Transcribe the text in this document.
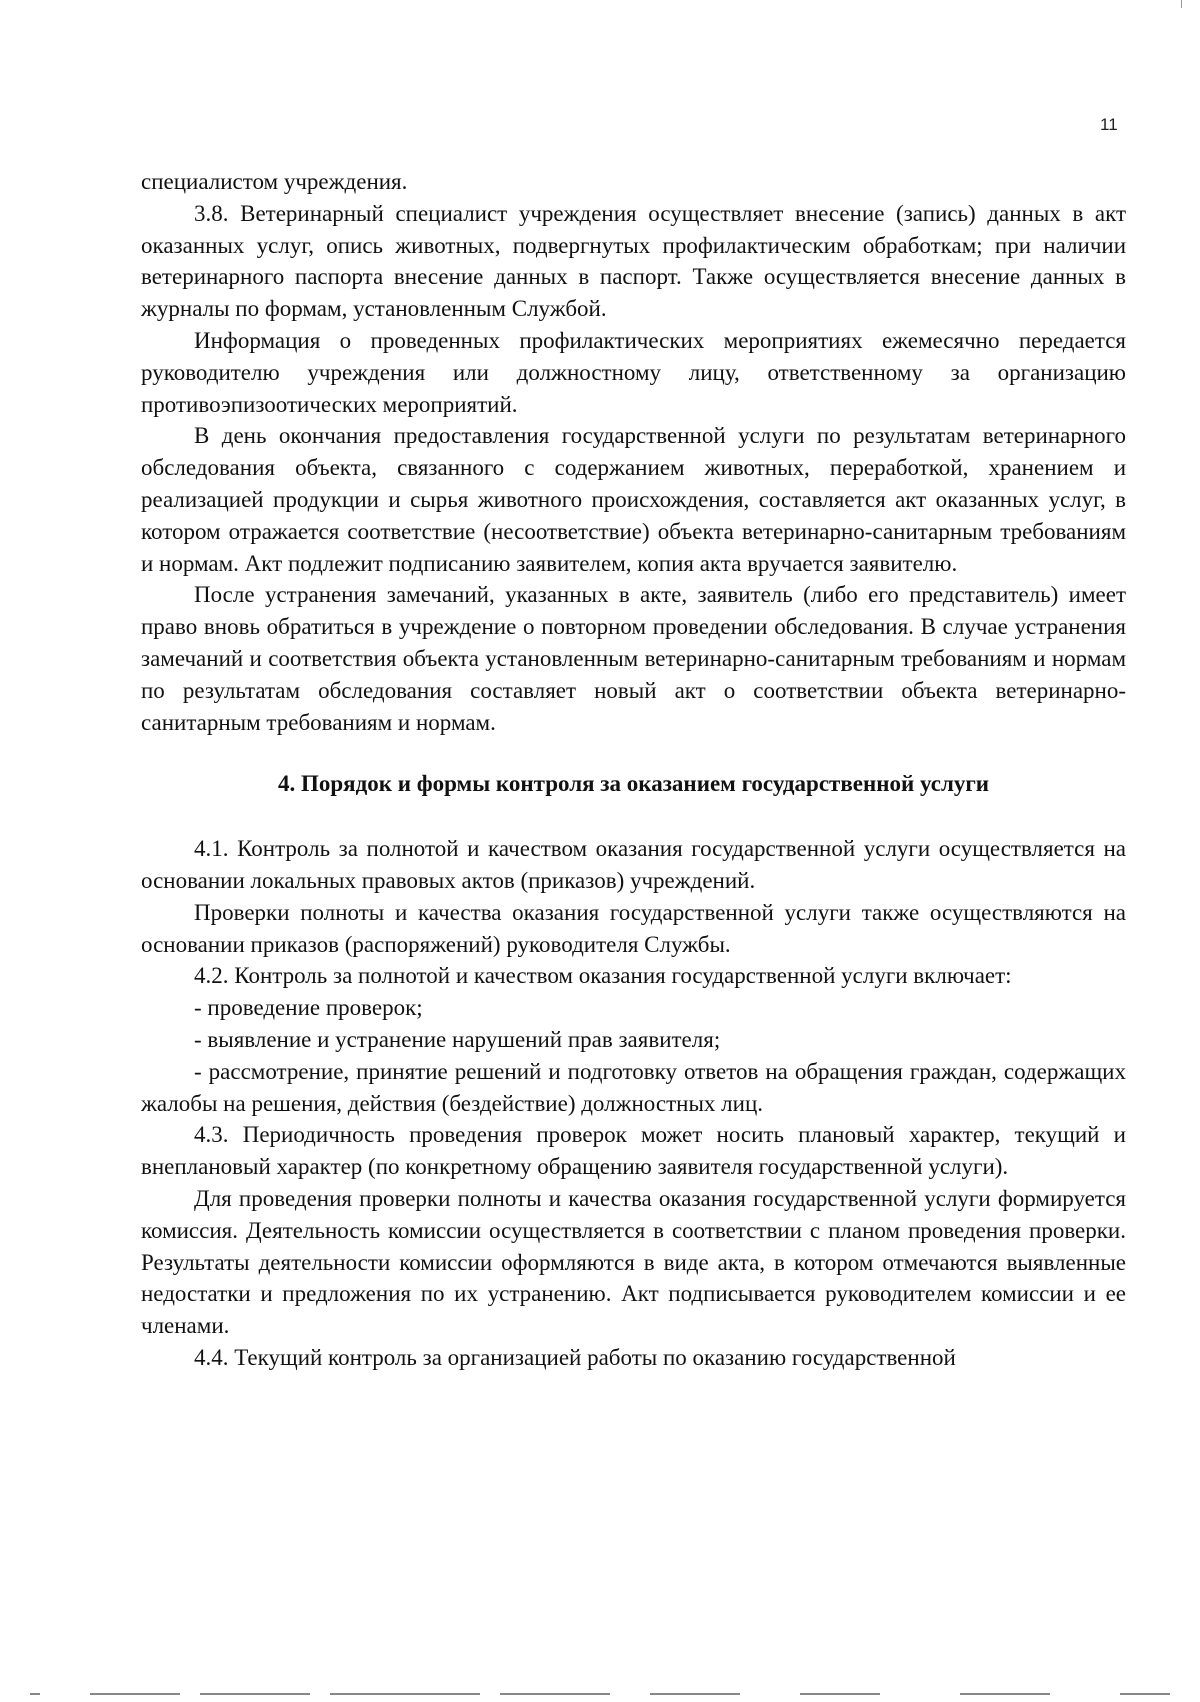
11

специалистом учреждения.

3.8. Ветеринарный специалист учреждения осуществляет внесение (запись) данных в акт оказанных услуг, опись животных, подвергнутых профилактическим обработкам; при наличии ветеринарного паспорта внесение данных в паспорт. Также осуществляется внесение данных в журналы по формам, установленным Службой.

Информация о проведенных профилактических мероприятиях ежемесячно передается руководителю учреждения или должностному лицу, ответственному за организацию противоэпизоотических мероприятий.

В день окончания предоставления государственной услуги по результатам ветеринарного обследования объекта, связанного с содержанием животных, переработкой, хранением и реализацией продукции и сырья животного происхождения, составляется акт оказанных услуг, в котором отражается соответствие (несоответствие) объекта ветеринарно-санитарным требованиям и нормам. Акт подлежит подписанию заявителем, копия акта вручается заявителю.

После устранения замечаний, указанных в акте, заявитель (либо его представитель) имеет право вновь обратиться в учреждение о повторном проведении обследования. В случае устранения замечаний и соответствия объекта установленным ветеринарно-санитарным требованиям и нормам по результатам обследования составляет новый акт о соответствии объекта ветеринарно-санитарным требованиям и нормам.

4. Порядок и формы контроля за оказанием государственной услуги

4.1. Контроль за полнотой и качеством оказания государственной услуги осуществляется на основании локальных правовых актов (приказов) учреждений.

Проверки полноты и качества оказания государственной услуги также осуществляются на основании приказов (распоряжений) руководителя Службы.

4.2. Контроль за полнотой и качеством оказания государственной услуги включает:

- проведение проверок;

- выявление и устранение нарушений прав заявителя;

- рассмотрение, принятие решений и подготовку ответов на обращения граждан, содержащих жалобы на решения, действия (бездействие) должностных лиц.

4.3. Периодичность проведения проверок может носить плановый характер, текущий и внеплановый характер (по конкретному обращению заявителя государственной услуги).

Для проведения проверки полноты и качества оказания государственной услуги формируется комиссия. Деятельность комиссии осуществляется в соответствии с планом проведения проверки. Результаты деятельности комиссии оформляются в виде акта, в котором отмечаются выявленные недостатки и предложения по их устранению. Акт подписывается руководителем комиссии и ее членами.

4.4. Текущий контроль за организацией работы по оказанию государственной
